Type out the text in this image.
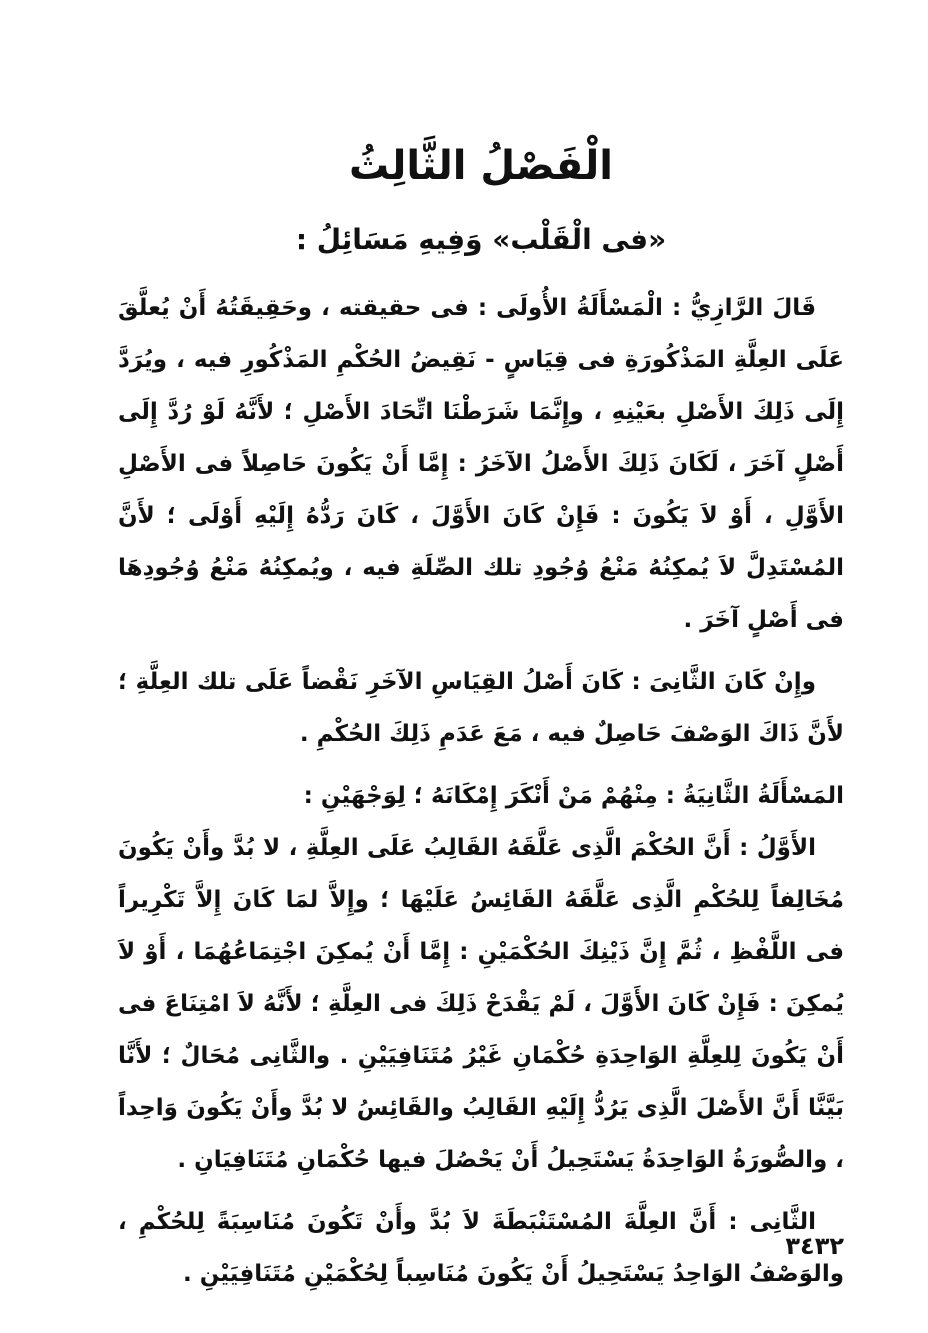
الْفَصْلُ الثَّالِثُ
«فى الْقَلْب» وَفِيهِ مَسَائِلُ :

قَالَ الرَّازِيُّ : الْمَسْأَلَةُ الأُولَى : فى حقيقته ، وحَقِيقَتُهُ أَنْ يُعلَّقَ عَلَى العِلَّةِ المَذْكُورَةِ فى قِيَاسٍ - نَقِيضُ الحُكْمِ المَذْكُورِ فيه ، ويُرَدَّ إِلَى ذَلِكَ الأَصْلِ بعَيْنِهِ ، وإِنَّمَا شَرَطْنَا اتِّحَادَ الأَصْلِ ؛ لأَنَّهُ لَوْ رُدَّ إِلَى أَصْلٍ آخَرَ ، لَكَانَ ذَلِكَ الأَصْلُ الآخَرُ : إِمَّا أَنْ يَكُونَ حَاصِلاً فى الأَصْلِ الأَوَّلِ ، أَوْ لاَ يَكُونَ : فَإِنْ كَانَ الأَوَّلَ ، كَانَ رَدُّهُ إِلَيْهِ أَوْلَى ؛ لأَنَّ المُسْتَدِلَّ لاَ يُمكِنُهُ مَنْعُ وُجُودِ تلك الصِّلَةِ فيه ، ويُمكِنُهُ مَنْعُ وُجُودِهَا فى أَصْلٍ آخَرَ .

وإِنْ كَانَ الثَّانِىَ : كَانَ أَصْلُ القِيَاسِ الآخَرِ نَقْضاً عَلَى تلك العِلَّةِ ؛ لأَنَّ ذَاكَ الوَصْفَ حَاصِلٌ فيه ، مَعَ عَدَمِ ذَلِكَ الحُكْمِ .

المَسْأَلَةُ الثَّانِيَةُ : مِنْهُمْ مَنْ أَنْكَرَ إِمْكَانَهُ ؛ لِوَجْهَيْنِ :

الأَوَّلُ : أَنَّ الحُكْمَ الَّذِى عَلَّقَهُ القَالِبُ عَلَى العِلَّةِ ، لا بُدَّ وأَنْ يَكُونَ مُخَالِفاً لِلحُكْمِ الَّذِى عَلَّقَهُ القَائِسُ عَلَيْهَا ؛ وإِلاَّ لمَا كَانَ إِلاَّ تَكْرِيراً فى اللَّفْظِ ، ثُمَّ إِنَّ ذَيْنِكَ الحُكْمَيْنِ : إِمَّا أَنْ يُمكِنَ اجْتِمَاعُهُمَا ، أَوْ لاَ يُمكِنَ : فَإِنْ كَانَ الأَوَّلَ ، لَمْ يَقْدَحْ ذَلِكَ فى العِلَّةِ ؛ لأَنَّهُ لاَ امْتِنَاعَ فى أَنْ يَكُونَ لِلعِلَّةِ الوَاحِدَةِ حُكْمَانِ غَيْرُ مُتَنَافِيَيْنِ . والثَّانِى مُحَالٌ ؛ لأَنَّا بَيَّنَّا أَنَّ الأَصْلَ الَّذِى يَرُدُّ إِلَيْهِ القَالِبُ والقَائِسُ لا بُدَّ وأَنْ يَكُونَ وَاحِداً ، والصُّورَةُ الوَاحِدَةُ يَسْتَحِيلُ أَنْ يَحْصُلَ فيها حُكْمَانِ مُتَنَافِيَانِ .

الثَّانِى : أَنَّ العِلَّةَ المُسْتَنْبَطَةَ لاَ بُدَّ وأَنْ تَكُونَ مُنَاسِبَةً لِلحُكْمِ ، والوَصْفُ الوَاحِدُ يَسْتَحِيلُ أَنْ يَكُونَ مُنَاسِباً لِحُكْمَيْنِ مُتَنَافِيَيْنِ .

٣٤٣٢
